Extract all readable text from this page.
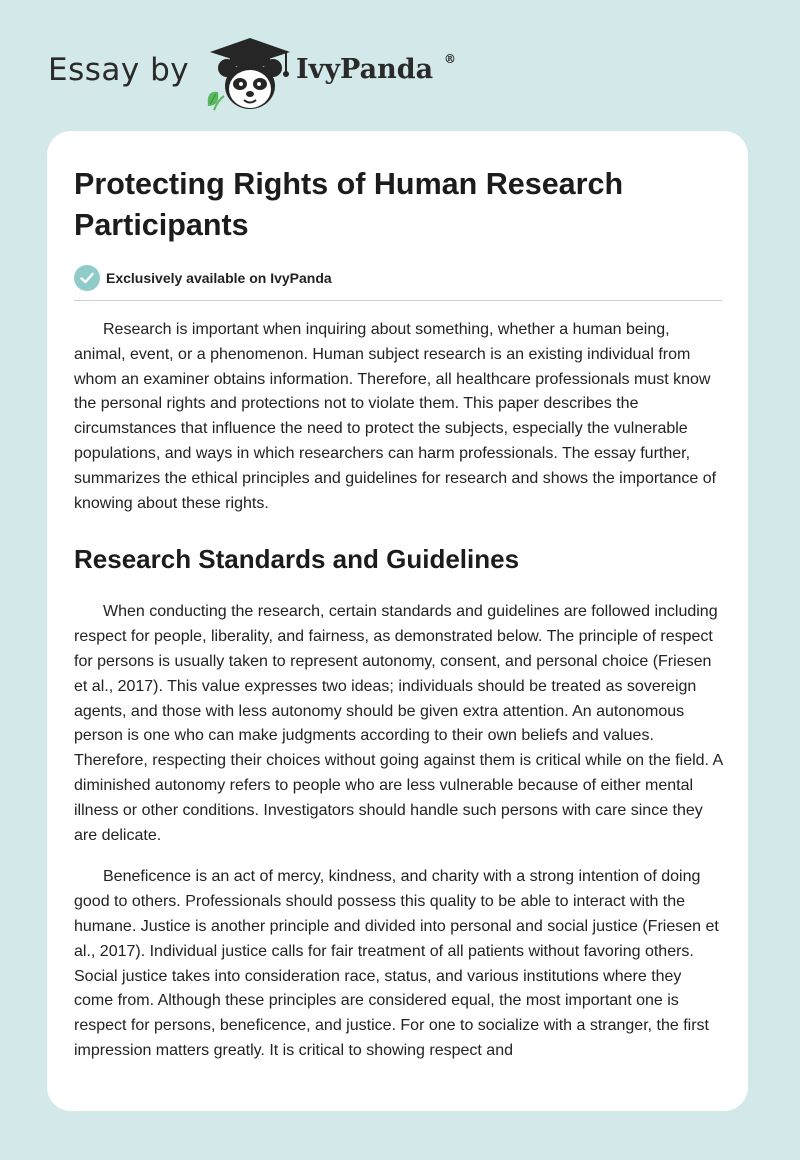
Essay by	IvyPanda ®
Protecting Rights of Human Research Participants
Exclusively available on IvyPanda

Research is important when inquiring about something, whether a human being, animal, event, or a phenomenon. Human subject research is an existing individual from whom an examiner obtains information. Therefore, all healthcare professionals must know the personal rights and protections not to violate them. This paper describes the circumstances that influence the need to protect the subjects, especially the vulnerable populations, and ways in which researchers can harm professionals. The essay further, summarizes the ethical principles and guidelines for research and shows the importance of knowing about these rights.

Research Standards and Guidelines

When conducting the research, certain standards and guidelines are followed including respect for people, liberality, and fairness, as demonstrated below. The principle of respect for persons is usually taken to represent autonomy, consent, and personal choice (Friesen et al., 2017). This value expresses two ideas; individuals should be treated as sovereign agents, and those with less autonomy should be given extra attention. An autonomous person is one who can make judgments according to their own beliefs and values. Therefore, respecting their choices without going against them is critical while on the field. A diminished autonomy refers to people who are less vulnerable because of either mental illness or other conditions. Investigators should handle such persons with care since they are delicate.

Beneficence is an act of mercy, kindness, and charity with a strong intention of doing good to others. Professionals should possess this quality to be able to interact with the humane. Justice is another principle and divided into personal and social justice (Friesen et al., 2017). Individual justice calls for fair treatment of all patients without favoring others. Social justice takes into consideration race, status, and various institutions where they come from. Although these principles are considered equal, the most important one is respect for persons, beneficence, and justice. For one to socialize with a stranger, the first impression matters greatly. It is critical to showing respect and
